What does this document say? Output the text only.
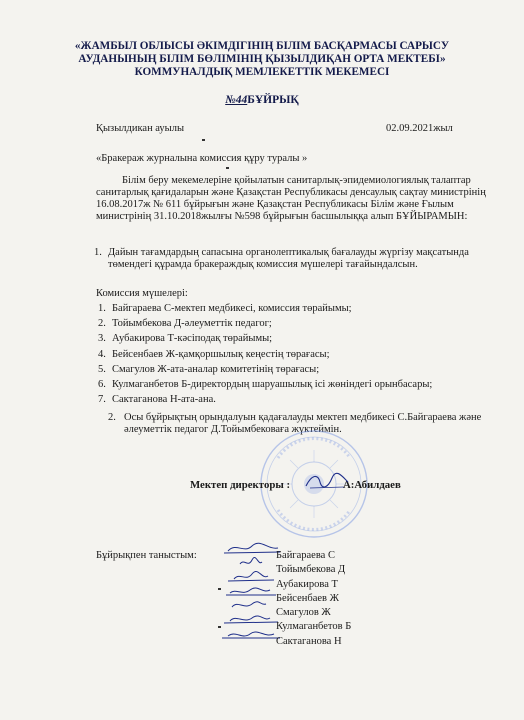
«ЖАМБЫЛ ОБЛЫСЫ ӘКІМДІГІНІҢ БІЛІМ БАСҚАРМАСЫ САРЫСУ
АУДАНЫНЫҢ БІЛІМ БӨЛІМІНІҢ ҚЫЗЫЛДИҚАН ОРТА МЕКТЕБІ»
КОММУНАЛДЫҚ МЕМЛЕКЕТТІК МЕКЕМЕСІ
№44БҰЙРЫҚ
Қызылдикан ауылы	02.09.2021жыл
«Бракераж журналына комиссия құру туралы »
Білім беру мекемелеріне қойылатын санитарлық-эпидемиологиялық талаптар санитарлық қағидаларын және Қазақстан Республикасы денсаулық сақтау министрінің 16.08.2017ж № 611 бұйрығын және Қазақстан Республикасы Білім және Ғылым министрінің 31.10.2018жылғы №598 бұйрығын басшылыққа алып БҰЙЫРАМЫН:
1. Дайын тағамдардың сапасына органолептикалық бағалауды жүргізу мақсатында төмендегі құрамда бракераждық комиссия мүшелері тағайындалсын.
Комиссия мүшелері:
1. Байгараева С-мектеп медбикесі, комиссия төрайымы;
2. Тойымбекова Д-әлеуметтік педагог;
3. Аубакирова Т-кәсіподақ төрайымы;
4. Бейсенбаев Ж-қамқоршылық кеңестің төрағасы;
5. Смагулов Ж-ата-аналар комитетінің төрағасы;
6. Кулмаганбетов Б-директордың шаруашылық ісі жөніндегі орынбасары;
7. Сактаганова Н-ата-ана.
2. Осы бұйрықтың орындалуын қадағалауды мектеп медбикесі С.Байгараева және әлеуметтік педагог Д.Тойымбековаға жүктеймін.
Мектеп директоры :	А:Абилдаев
Бұйрықпен таныстым:	Байгараева С
Тойымбекова Д
Аубакирова Т
Бейсенбаев Ж
Смагулов Ж
Кулмаганбетов Б
Сактаганова Н
